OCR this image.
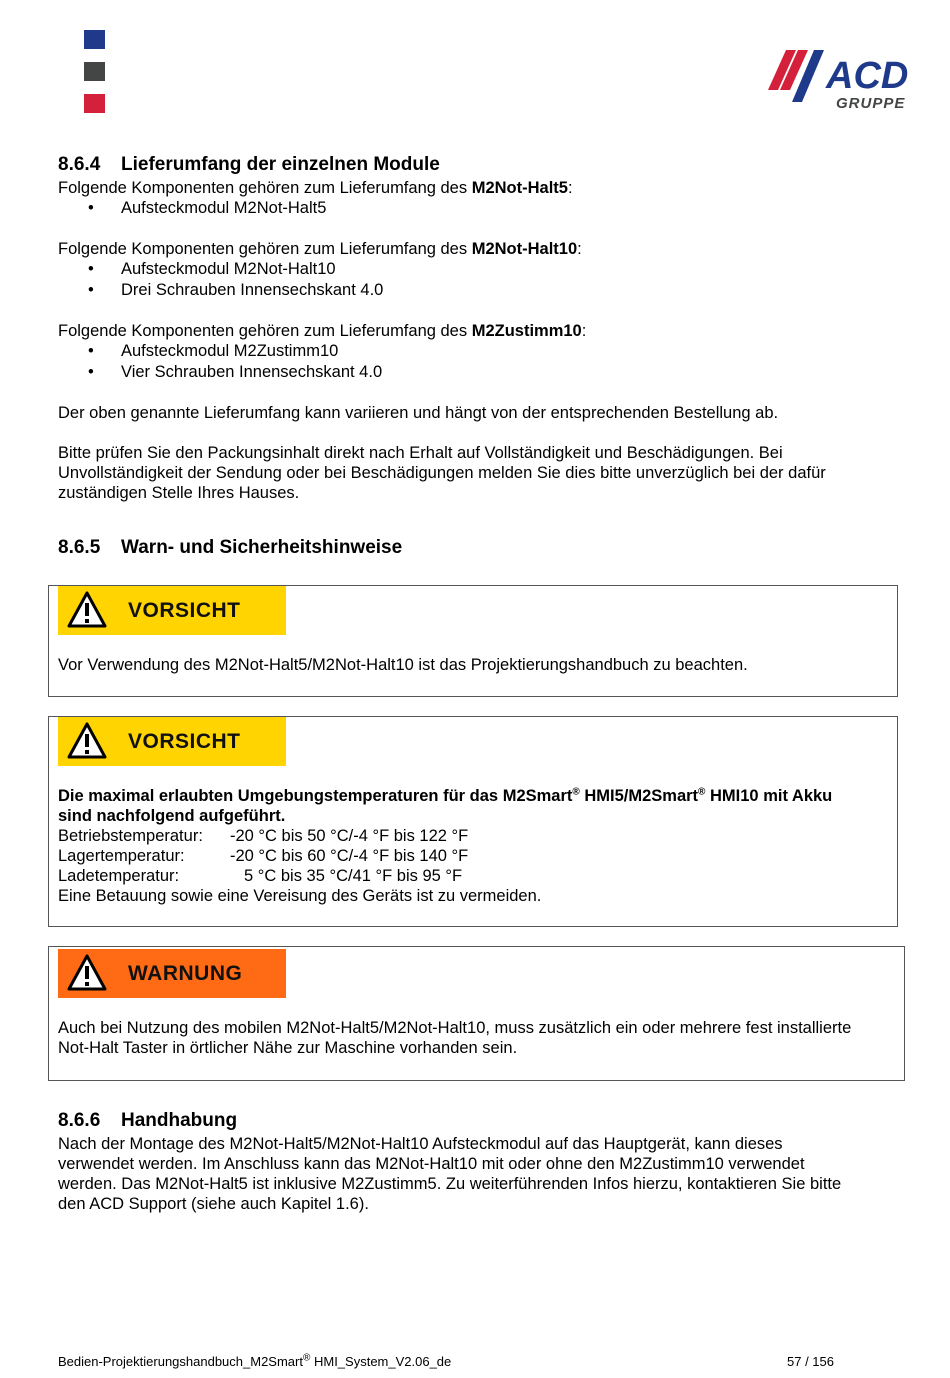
ACD
GRUPPE
8.6.4 Lieferumfang der einzelnen Module

Folgende Komponenten gehören zum Lieferumfang des M2Not-Halt5:

• Aufsteckmodul M2Not-Halt5

Folgende Komponenten gehören zum Lieferumfang des M2Not-Halt10:

• Aufsteckmodul M2Not-Halt10
• Drei Schrauben Innensechskant 4.0

Folgende Komponenten gehören zum Lieferumfang des M2Zustimm10:

• Aufsteckmodul M2Zustimm10
• Vier Schrauben Innensechskant 4.0

Der oben genannte Lieferumfang kann variieren und hängt von der entsprechenden Bestellung ab.

Bitte prüfen Sie den Packungsinhalt direkt nach Erhalt auf Vollständigkeit und Beschädigungen. Bei
Unvollständigkeit der Sendung oder bei Beschädigungen melden Sie dies bitte unverzüglich bei der dafür
zuständigen Stelle Ihres Hauses.

8.6.5 Warn- und Sicherheitshinweise
VORSICHT

Vor Verwendung des M2Not-Halt5/M2Not-Halt10 ist das Projektierungshandbuch zu beachten.

VORSICHT

Die maximal erlaubten Umgebungstemperaturen für das M2Smart® HMI5/M2Smart® HMI10 mit Akku
sind nachfolgend aufgeführt.

Betriebstemperatur:	-20 °C bis 50 °C/-4 °F bis 122 °F
Lagertemperatur:	-20 °C bis 60 °C/-4 °F bis 140 °F
Ladetemperatur:	5 °C bis 35 °C/41 °F bis 95 °F

Eine Betauung sowie eine Vereisung des Geräts ist zu vermeiden.

WARNUNG

Auch bei Nutzung des mobilen M2Not-Halt5/M2Not-Halt10, muss zusätzlich ein oder mehrere fest installierte
Not-Halt Taster in örtlicher Nähe zur Maschine vorhanden sein.

8.6.6 Handhabung

Nach der Montage des M2Not-Halt5/M2Not-Halt10 Aufsteckmodul auf das Hauptgerät, kann dieses
verwendet werden. Im Anschluss kann das M2Not-Halt10 mit oder ohne den M2Zustimm10 verwendet
werden. Das M2Not-Halt5 ist inklusive M2Zustimm5. Zu weiterführenden Infos hierzu, kontaktieren Sie bitte
den ACD Support (siehe auch Kapitel 1.6).

Bedien-Projektierungshandbuch_M2Smart® HMI_System_V2.06_de	57 / 156
